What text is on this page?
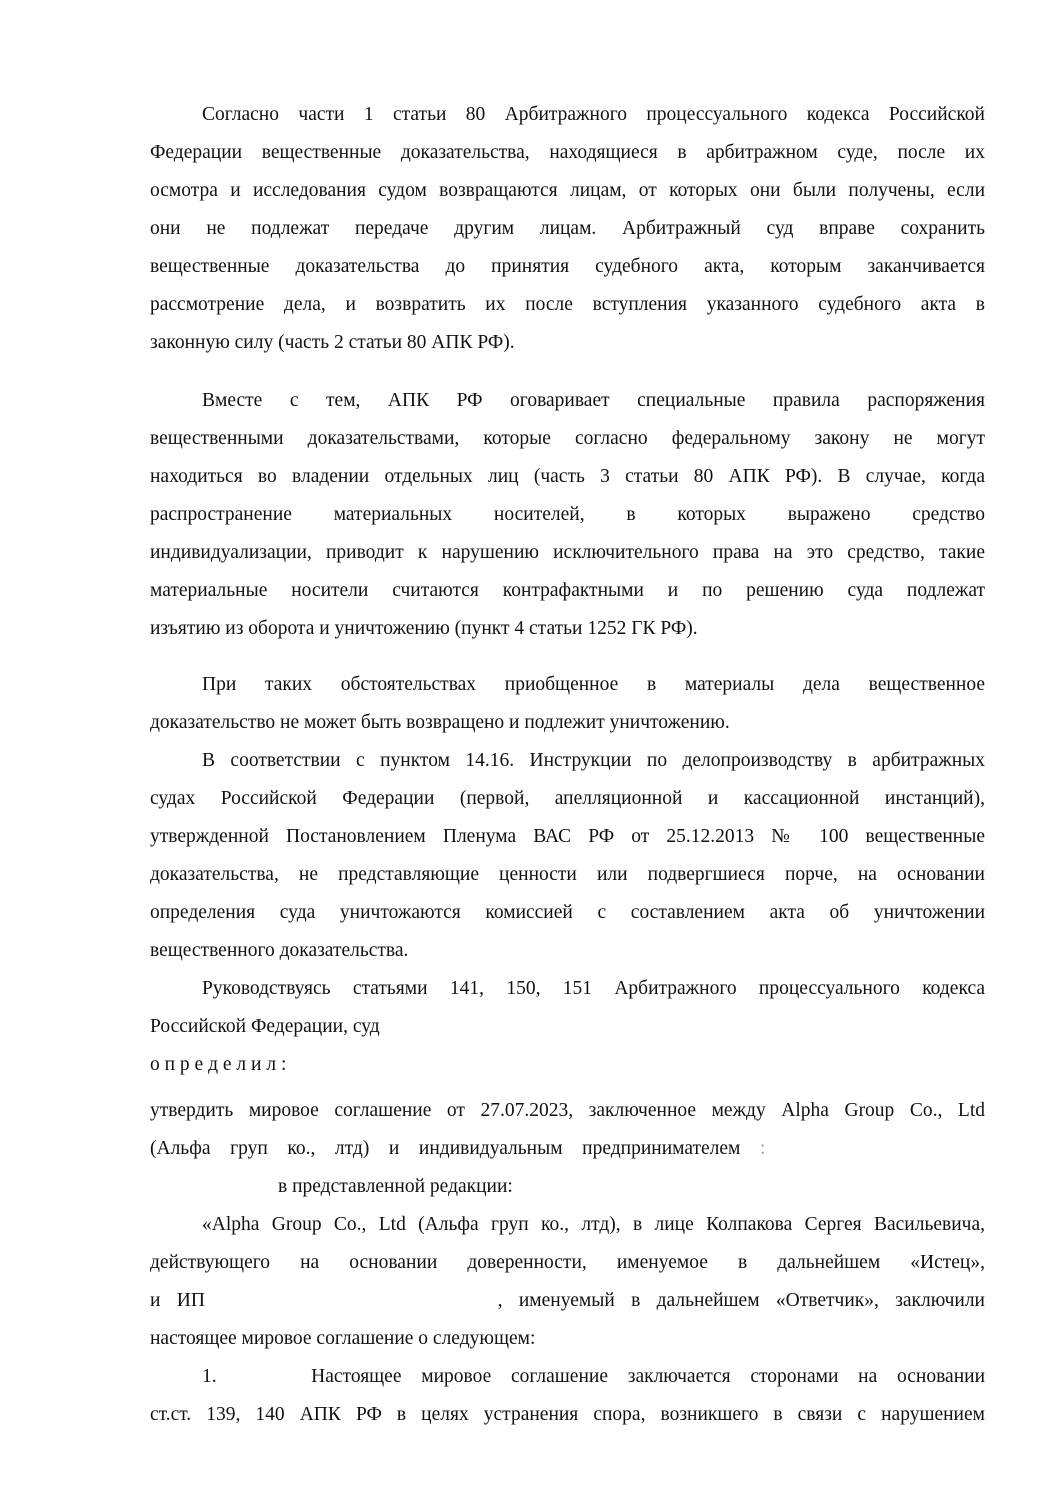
Согласно части 1 статьи 80 Арбитражного процессуального кодекса Российской
Федерации вещественные доказательства, находящиеся в арбитражном суде, после их
осмотра и исследования судом возвращаются лицам, от которых они были получены, если
они не подлежат передаче другим лицам. Арбитражный суд вправе сохранить
вещественные доказательства до принятия судебного акта, которым заканчивается
рассмотрение дела, и возвратить их после вступления указанного судебного акта в
законную силу (часть 2 статьи 80 АПК РФ).
Вместе с тем, АПК РФ оговаривает специальные правила распоряжения
вещественными доказательствами, которые согласно федеральному закону не могут
находиться во владении отдельных лиц (часть 3 статьи 80 АПК РФ). В случае, когда
распространение материальных носителей, в которых выражено средство
индивидуализации, приводит к нарушению исключительного права на это средство, такие
материальные носители считаются контрафактными и по решению суда подлежат
изъятию из оборота и уничтожению (пункт 4 статьи 1252 ГК РФ).
При таких обстоятельствах приобщенное в материалы дела вещественное
доказательство не может быть возвращено и подлежит уничтожению.
В соответствии с пунктом 14.16. Инструкции по делопроизводству в арбитражных
судах Российской Федерации (первой, апелляционной и кассационной инстанций),
утвержденной Постановлением Пленума ВАС РФ от 25.12.2013 № 100 вещественные
доказательства, не представляющие ценности или подвергшиеся порче, на основании
определения суда уничтожаются комиссией с составлением акта об уничтожении
вещественного доказательства.
Руководствуясь статьями 141, 150, 151 Арбитражного процессуального кодекса
Российской Федерации, суд
о п р е д е л и л :
утвердить мировое соглашение от 27.07.2023, заключенное между Alpha Group Co., Ltd
(Альфа груп ко., лтд) и индивидуальным предпринимателем :
в представленной редакции:
«Alpha Group Co., Ltd (Альфа груп ко., лтд), в лице Колпакова Сергея Васильевича,
действующего на основании доверенности, именуемое в дальнейшем «Истец»,
и ИП	, именуемый в дальнейшем «Ответчик», заключили
настоящее мировое соглашение о следующем:
1.	Настоящее мировое соглашение заключается сторонами на основании
ст.ст. 139, 140 АПК РФ в целях устранения спора, возникшего в связи с нарушением
